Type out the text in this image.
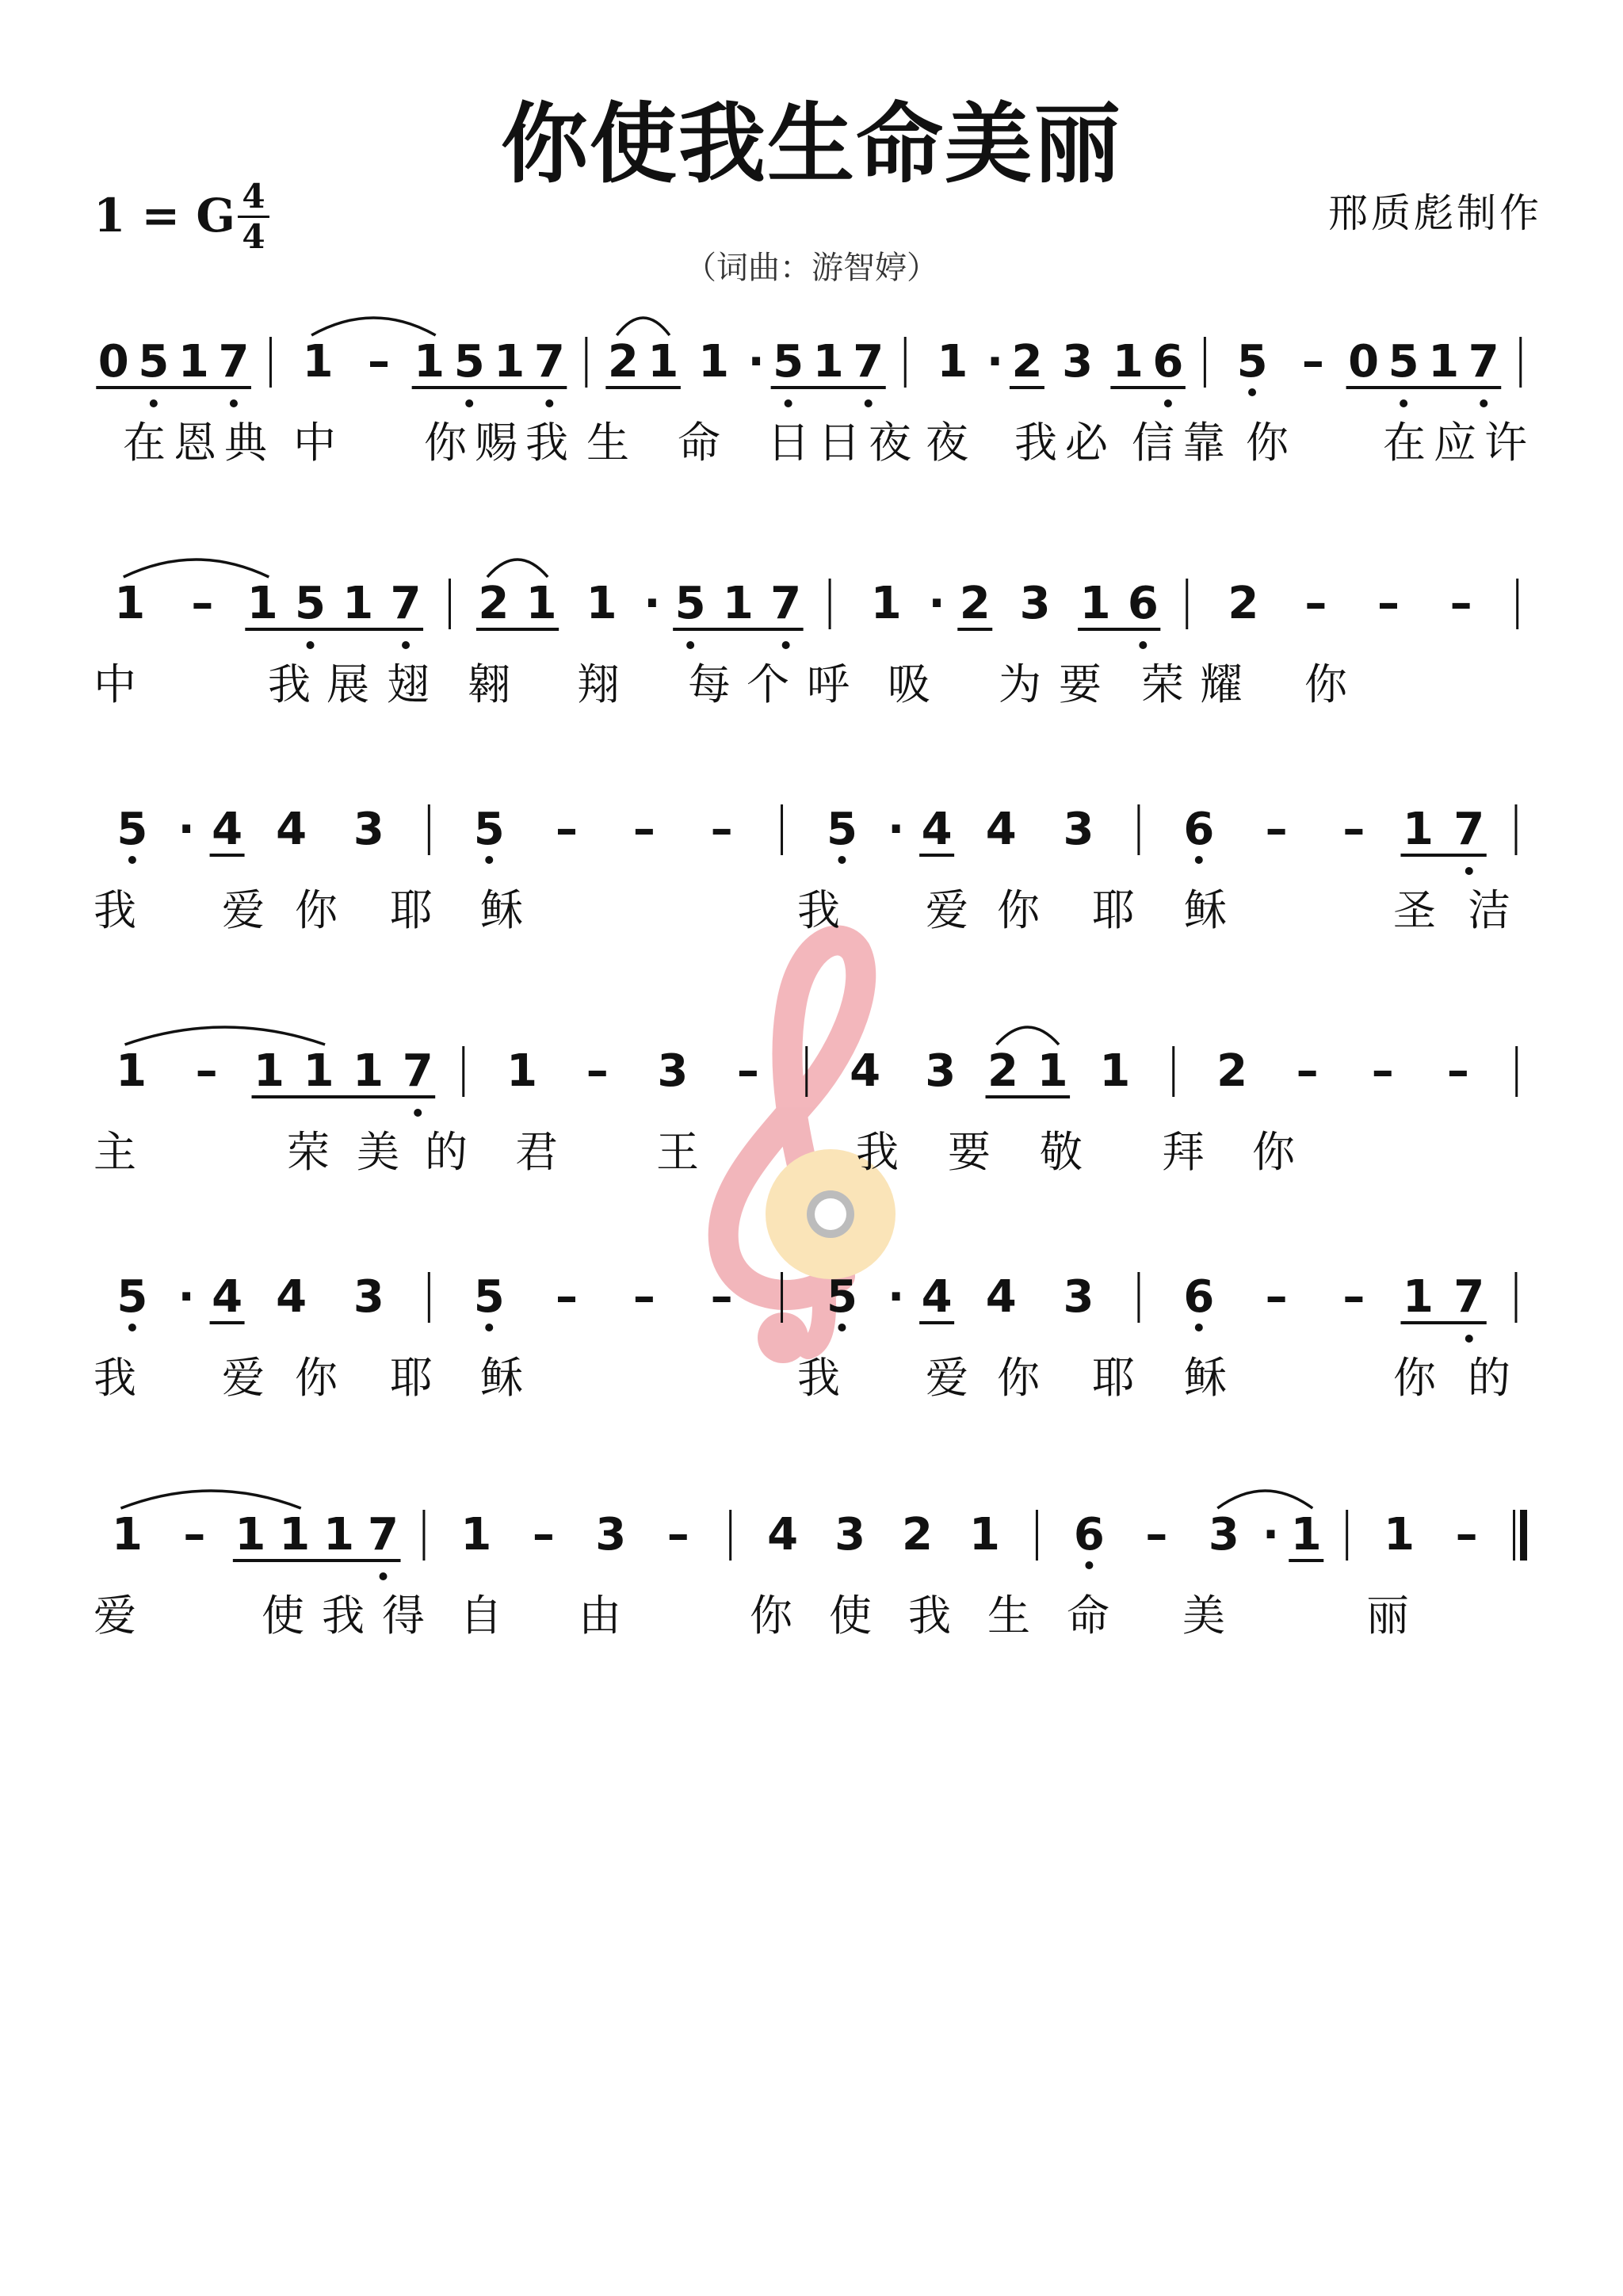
你使我生命美丽
1 = G 4
4
邢质彪制作
（词曲：游智婷）
0 5 1 7 1 – 1 5 1 7 2 1 1 · 5 1 7 1 · 2 3 1 6 5 – 0 5 1 7
在恩典 中 你赐我 生 命 日日夜 夜 我必 信靠 你 在应许
1 – 1 5 1 7 2 1 1 · 5 1 7 1 · 2 3 1 6 2 – – –
中	我 展 翅 翱 翔 每 个 呼 吸 为 要 荣 耀 你
5 · 4 4 3 5 – – – 5 · 4 4 3 6 – – 1 7
我 爱 你 耶 稣	我 爱 你 耶 稣	圣 洁
1 – 1 1 1 7 1 – 3 – 4 3 2 1 1 2 – – –
主	荣 美 的 君 王	我 要 敬 拜 你
5 · 4 4 3 5 – – – 5 · 4 4 3 6 – – 1 7
我 爱 你 耶 稣	我 爱 你 耶 稣	你 的
1 – 1 1 1 7 1 – 3 – 4 3 2 1 6 – 3 · 1 1 –
爱	使 我 得 自 由	你 使 我 生 命 美	丽
